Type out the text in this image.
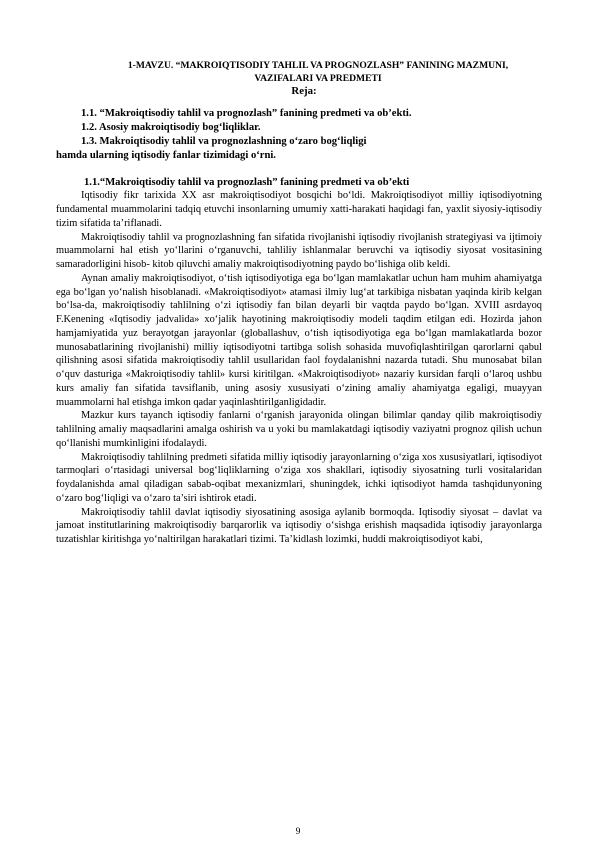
1-MAVZU. “MAKROIQTISODIY TAHLIL VA PROGNOZLASH” FANINING MAZMUNI, VAZIFALARI VA PREDMETI

Reja:

1.1. “Makroiqtisodiy tahlil va prognozlash” fanining predmeti va ob’ekti.
1.2. Asosiy makroiqtisodiy bog‘liqliklar.
1.3. Makroiqtisodiy tahlil va prognozlashning o‘zaro bog‘liqligi
hamda ularning iqtisodiy fanlar tizimidagi o‘rni.

1.1.“Makroiqtisodiy tahlil va prognozlash” fanining predmeti va ob’ekti

Iqtisodiy fikr tarixida XX asr makroiqtisodiyot bosqichi bo‘ldi. Makroiqtisodiyot milliy iqtisodiyotning fundamental muammolarini tadqiq etuvchi insonlarning umumiy xatti-harakati haqidagi fan, yaxlit siyosiy-iqtisodiy tizim sifatida ta’riflanadi.

Makroiqtisodiy tahlil va prognozlashning fan sifatida rivojlanishi iqtisodiy rivojlanish strategiyasi va ijtimoiy muammolarni hal etish yo‘llarini o‘rganuvchi, tahliliy ishlanmalar beruvchi va iqtisodiy siyosat vositasining samaradorligini hisob- kitob qiluvchi amaliy makroiqtisodiyotning paydo bo‘lishiga olib keldi.

Aynan amaliy makroiqtisodiyot, o‘tish iqtisodiyotiga ega bo‘lgan mamlakatlar uchun ham muhim ahamiyatga ega bo‘lgan yo‘nalish hisoblanadi. «Makroiqtisodiyot» atamasi ilmiy lug‘at tarkibiga nisbatan yaqinda kirib kelgan bo‘lsa-da, makroiqtisodiy tahlilning o‘zi iqtisodiy fan bilan deyarli bir vaqtda paydo bo‘lgan. XVIII asrdayoq F.Kenening «Iqtisodiy jadvalida» xo‘jalik hayotining makroiqtisodiy modeli taqdim etilgan edi. Hozirda jahon hamjamiyatida yuz berayotgan jarayonlar (globallashuv, o‘tish iqtisodiyotiga ega bo‘lgan mamlakatlarda bozor munosabatlarining rivojlanishi) milliy iqtisodiyotni tartibga solish sohasida muvofiqlashtirilgan qarorlarni qabul qilishning asosi sifatida makroiqtisodiy tahlil usullaridan faol foydalanishni nazarda tutadi. Shu munosabat bilan o‘quv dasturiga «Makroiqtisodiy tahlil» kursi kiritilgan. «Makroiqtisodiyot» nazariy kursidan farqli o‘laroq ushbu kurs amaliy fan sifatida tavsiflanib, uning asosiy xususiyati o‘zining amaliy ahamiyatga egaligi, muayyan muammolarni hal etishga imkon qadar yaqinlashtirilganligidadir.

Mazkur kurs tayanch iqtisodiy fanlarni o‘rganish jarayonida olingan bilimlar qanday qilib makroiqtisodiy tahlilning amaliy maqsadlarini amalga oshirish va u yoki bu mamlakatdagi iqtisodiy vaziyatni prognoz qilish uchun qo‘llanishi mumkinligini ifodalaydi.

Makroiqtisodiy tahlilning predmeti sifatida milliy iqtisodiy jarayonlarning o‘ziga xos xususiyatlari, iqtisodiyot tarmoqlari o‘rtasidagi universal bog‘liqliklarning o‘ziga xos shakllari, iqtisodiy siyosatning turli vositalaridan foydalanishda amal qiladigan sabab-oqibat mexanizmlari, shuningdek, ichki iqtisodiyot hamda tashqidunyoning o‘zaro bog‘liqligi va o‘zaro ta’siri ishtirok etadi.

Makroiqtisodiy tahlil davlat iqtisodiy siyosatining asosiga aylanib bormoqda. Iqtisodiy siyosat – davlat va jamoat institutlarining makroiqtisodiy barqarorlik va iqtisodiy o‘sishga erishish maqsadida iqtisodiy jarayonlarga tuzatishlar kiritishga yo‘naltirilgan harakatlari tizimi. Ta’kidlash lozimki, huddi makroiqtisodiyot kabi,

9
